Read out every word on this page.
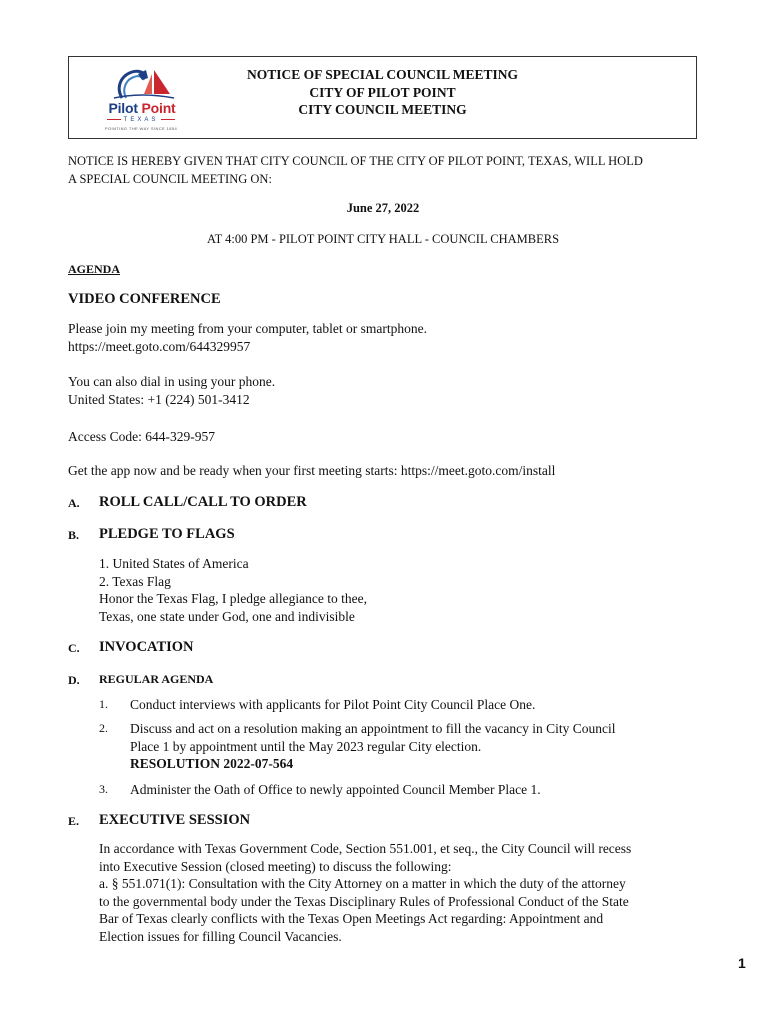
Pilot Point
TEXAS
POINTING THE WAY SINCE 1854
NOTICE OF SPECIAL COUNCIL MEETING
CITY OF PILOT POINT
CITY COUNCIL MEETING
NOTICE IS HEREBY GIVEN THAT CITY COUNCIL OF THE CITY OF PILOT POINT, TEXAS, WILL HOLD
A SPECIAL COUNCIL MEETING ON:
June 27, 2022
AT 4:00 PM - PILOT POINT CITY HALL - COUNCIL CHAMBERS
AGENDA
VIDEO CONFERENCE
Please join my meeting from your computer, tablet or smartphone.
https://meet.goto.com/644329957
You can also dial in using your phone.
United States: +1 (224) 501-3412
Access Code: 644-329-957
Get the app now and be ready when your first meeting starts: https://meet.goto.com/install
A. ROLL CALL/CALL TO ORDER
B. PLEDGE TO FLAGS
1. United States of America
2. Texas Flag
Honor the Texas Flag, I pledge allegiance to thee,
Texas, one state under God, one and indivisible
C. INVOCATION
D. REGULAR AGENDA
1. Conduct interviews with applicants for Pilot Point City Council Place One.
2. Discuss and act on a resolution making an appointment to fill the vacancy in City Council
Place 1 by appointment until the May 2023 regular City election.
RESOLUTION 2022-07-564
3. Administer the Oath of Office to newly appointed Council Member Place 1.
E. EXECUTIVE SESSION
In accordance with Texas Government Code, Section 551.001, et seq., the City Council will recess
into Executive Session (closed meeting) to discuss the following:
a. § 551.071(1): Consultation with the City Attorney on a matter in which the duty of the attorney
to the governmental body under the Texas Disciplinary Rules of Professional Conduct of the State
Bar of Texas clearly conflicts with the Texas Open Meetings Act regarding: Appointment and
Election issues for filling Council Vacancies.
1
